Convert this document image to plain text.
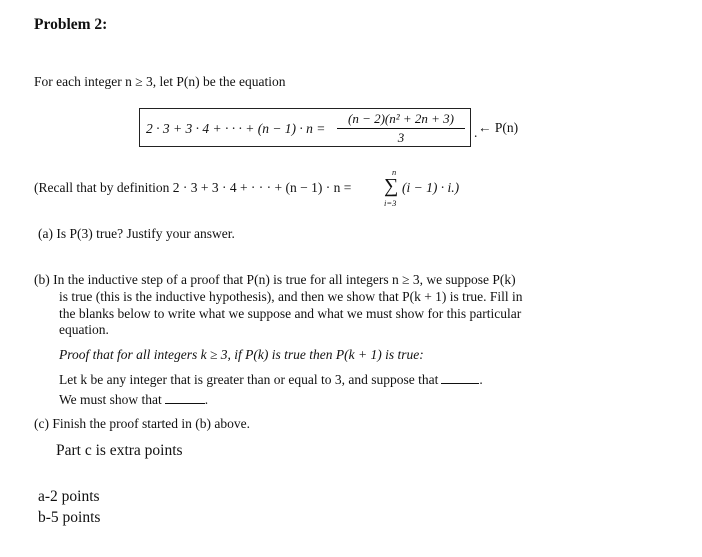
Problem 2:
For each integer n ≥ 3, let P(n) be the equation
2 · 3 + 3 · 4 + · · · + $(n - 1) \cdot n = \frac{\text{(n − 2)(n² + 2n + 3)}}{3}$ . ← P(n)
(Recall that by definition 2 · 3 + 3 · 4 + · · · + (n − 1) · n =
n
∑
i=3
(i − 1) · i.)
(a) Is P(3) true? Justify your answer.
(b) In the inductive step of a proof that P(n) is true for all integers n ≥ 3, we suppose P(k)
is true (this is the inductive hypothesis), and then we show that P(k + 1) is true. Fill in
the blanks below to write what we suppose and what we must show for this particular
equation.
Proof that for all integers k ≥ 3, if P(k) is true then P(k + 1) is true:
Let k be any integer that is greater than or equal to 3, and suppose that	.
We must show that	.
(c) Finish the proof started in (b) above.
Part c is extra points
a-2 points
b-5 points
